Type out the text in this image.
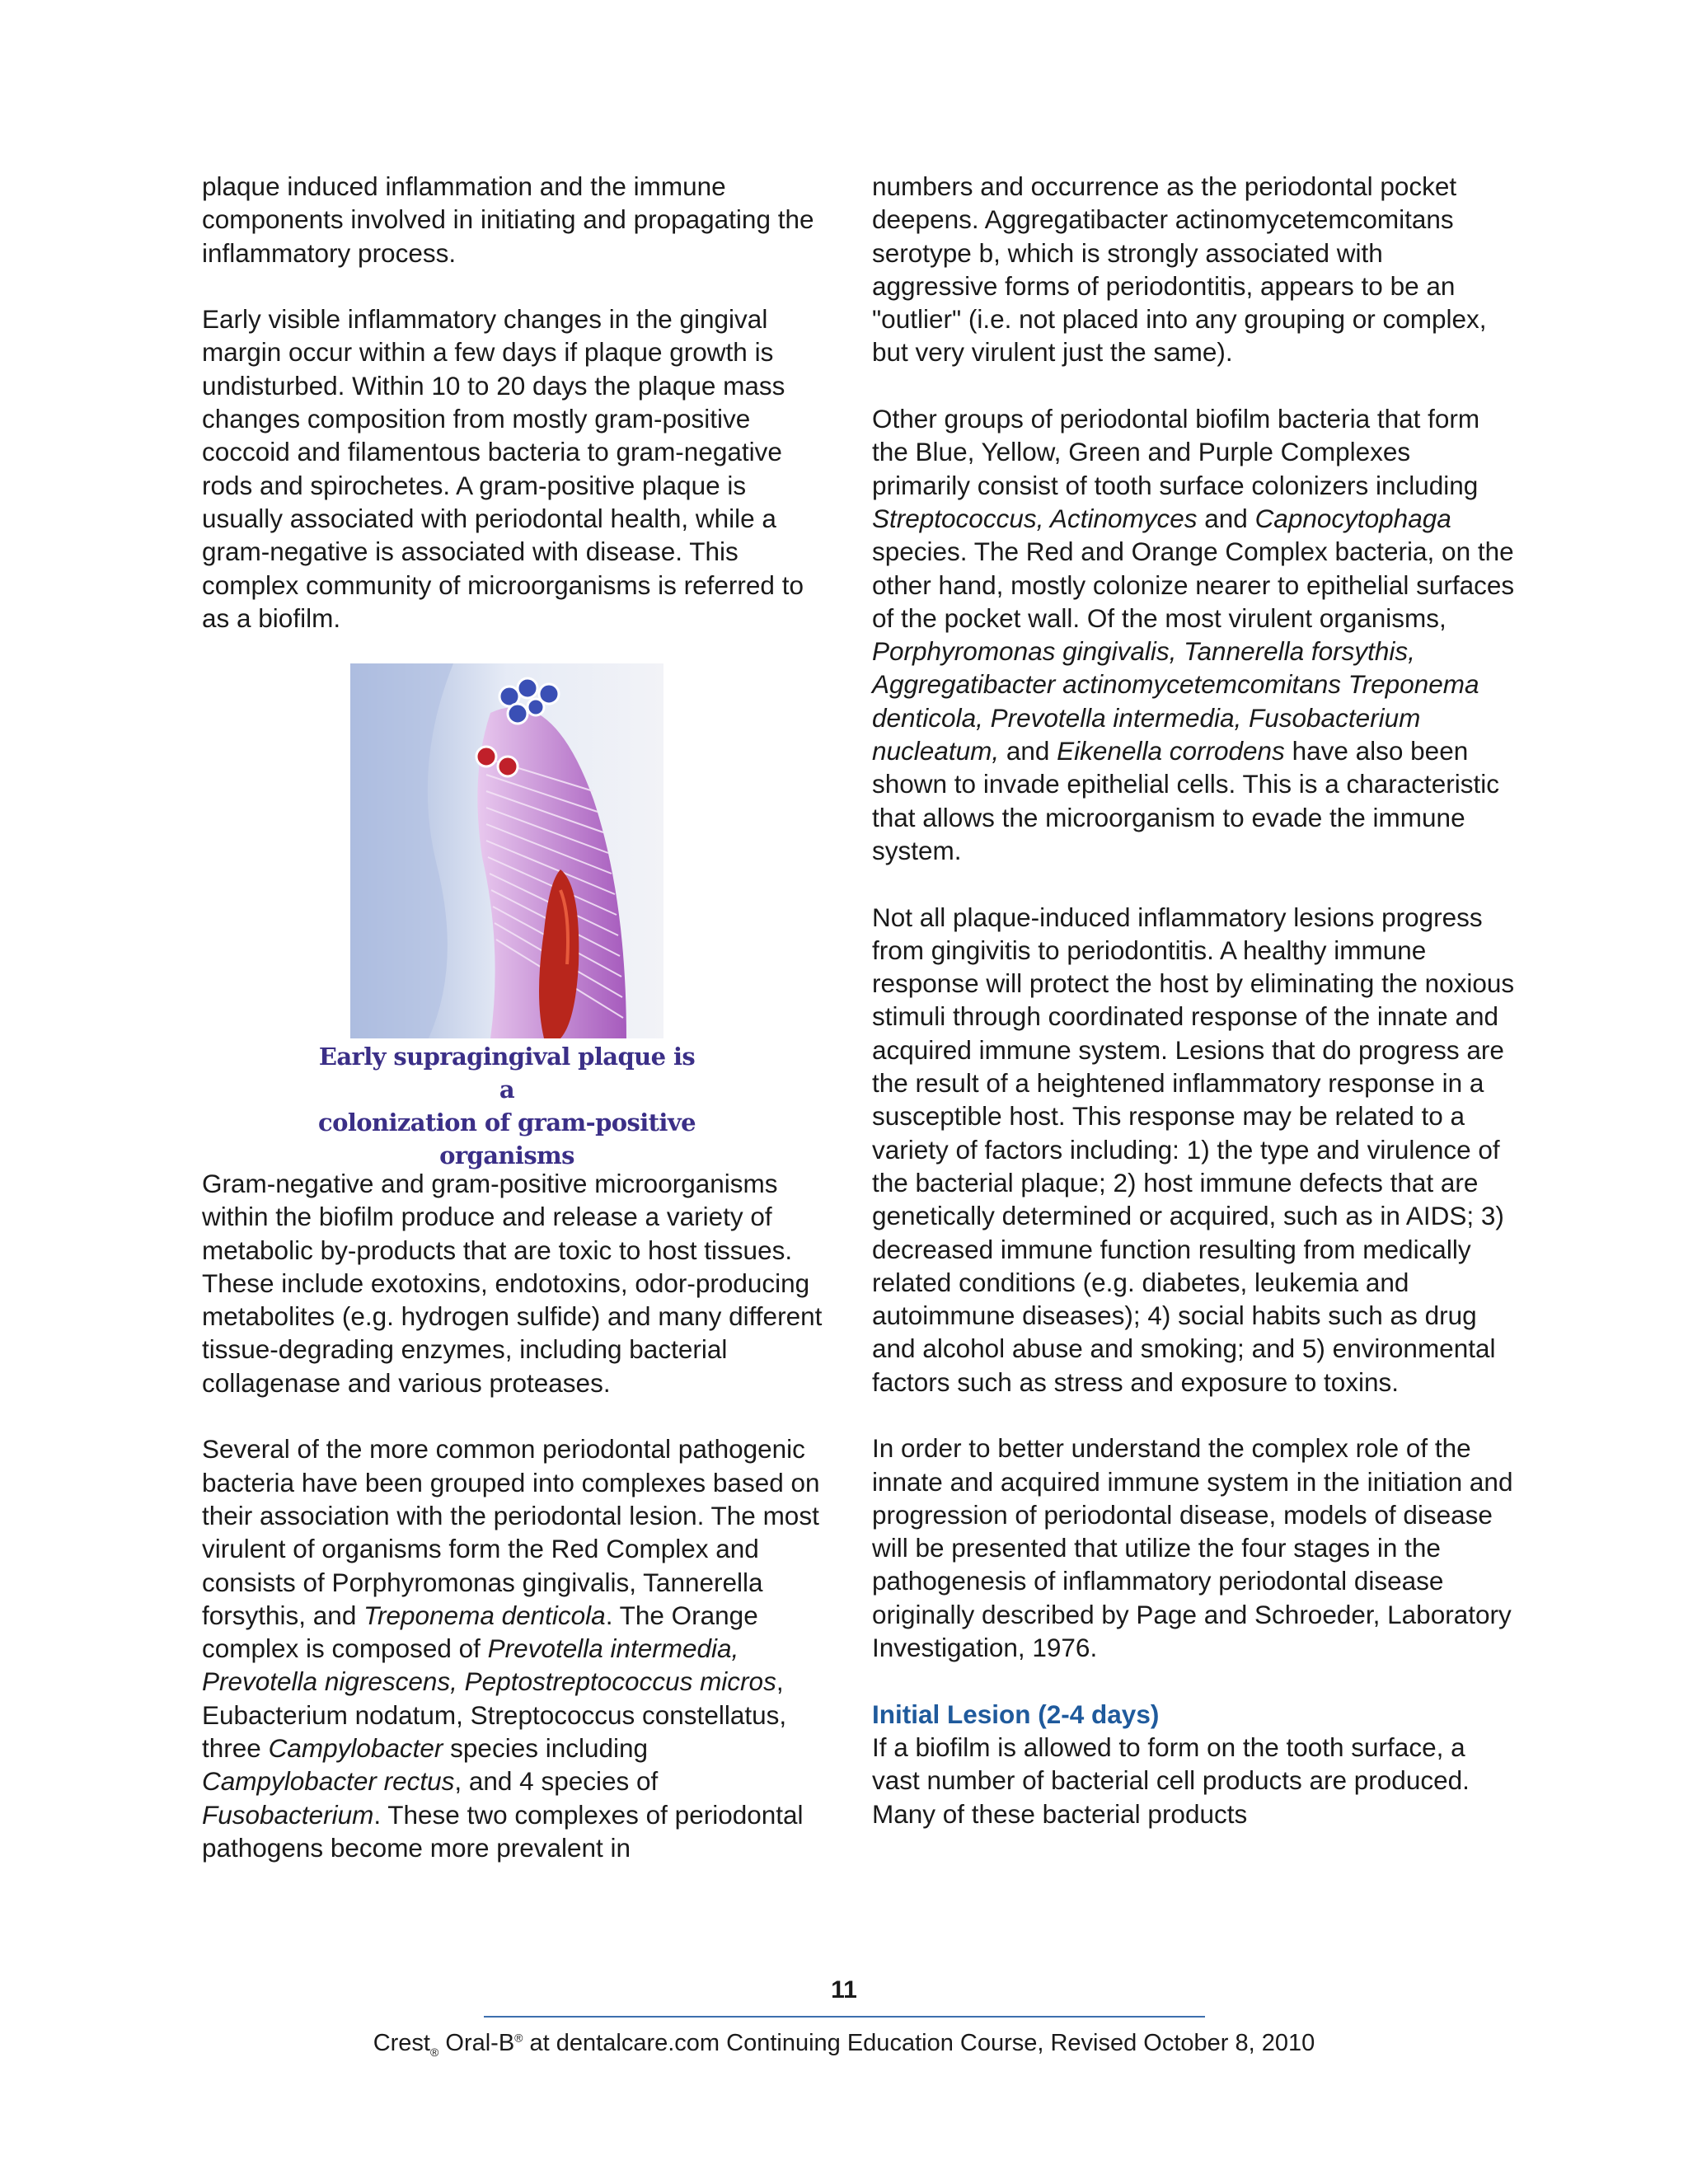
plaque induced inflammation and the immune components involved in initiating and propagating the inflammatory process.

Early visible inflammatory changes in the gingival margin occur within a few days if plaque growth is undisturbed. Within 10 to 20 days the plaque mass changes composition from mostly gram-positive coccoid and filamentous bacteria to gram-negative rods and spirochetes. A gram-positive plaque is usually associated with periodontal health, while a gram-negative is associated with disease. This complex community of microorganisms is referred to as a biofilm.

Early supragingival plaque is a
colonization of gram-positive organisms

Gram-negative and gram-positive microorganisms within the biofilm produce and release a variety of metabolic by-products that are toxic to host tissues. These include exotoxins, endotoxins, odor-producing metabolites (e.g. hydrogen sulfide) and many different tissue-degrading enzymes, including bacterial collagenase and various proteases.

Several of the more common periodontal pathogenic bacteria have been grouped into complexes based on their association with the periodontal lesion. The most virulent of organisms form the Red Complex and consists of Porphyromonas gingivalis, Tannerella forsythis, and Treponema denticola. The Orange complex is composed of Prevotella intermedia, Prevotella nigrescens, Peptostreptococcus micros, Eubacterium nodatum, Streptococcus constellatus, three Campylobacter species including Campylobacter rectus, and 4 species of Fusobacterium. These two complexes of periodontal pathogens become more prevalent in

numbers and occurrence as the periodontal pocket deepens. Aggregatibacter actinomycetemcomitans serotype b, which is strongly associated with aggressive forms of periodontitis, appears to be an "outlier" (i.e. not placed into any grouping or complex, but very virulent just the same).

Other groups of periodontal biofilm bacteria that form the Blue, Yellow, Green and Purple Complexes primarily consist of tooth surface colonizers including Streptococcus, Actinomyces and Capnocytophaga species. The Red and Orange Complex bacteria, on the other hand, mostly colonize nearer to epithelial surfaces of the pocket wall. Of the most virulent organisms, Porphyromonas gingivalis, Tannerella forsythis, Aggregatibacter actinomycetemcomitans Treponema denticola, Prevotella intermedia, Fusobacterium nucleatum, and Eikenella corrodens have also been shown to invade epithelial cells. This is a characteristic that allows the microorganism to evade the immune system.

Not all plaque-induced inflammatory lesions progress from gingivitis to periodontitis. A healthy immune response will protect the host by eliminating the noxious stimuli through coordinated response of the innate and acquired immune system. Lesions that do progress are the result of a heightened inflammatory response in a susceptible host. This response may be related to a variety of factors including: 1) the type and virulence of the bacterial plaque; 2) host immune defects that are genetically determined or acquired, such as in AIDS; 3) decreased immune function resulting from medically related conditions (e.g. diabetes, leukemia and autoimmune diseases); 4) social habits such as drug and alcohol abuse and smoking; and 5) environmental factors such as stress and exposure to toxins.

In order to better understand the complex role of the innate and acquired immune system in the initiation and progression of periodontal disease, models of disease will be presented that utilize the four stages in the pathogenesis of inflammatory periodontal disease originally described by Page and Schroeder, Laboratory Investigation, 1976.

Initial Lesion (2-4 days)

If a biofilm is allowed to form on the tooth surface, a vast number of bacterial cell products are produced. Many of these bacterial products

11
Crest$_®$ Oral-B® at dentalcare.com Continuing Education Course, Revised October 8, 2010
